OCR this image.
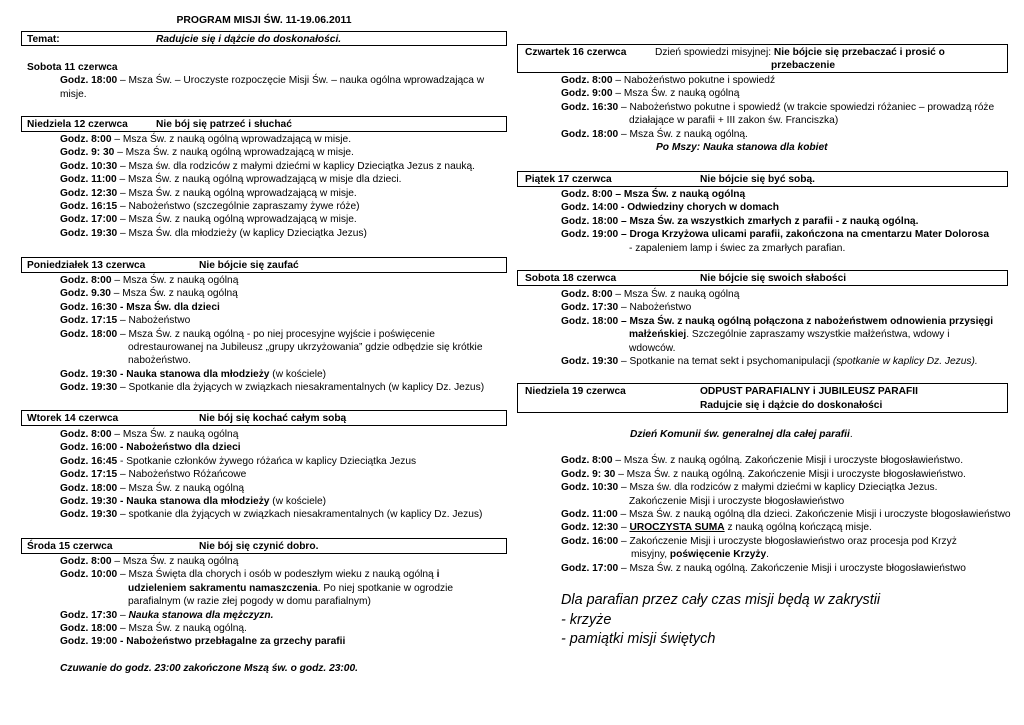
PROGRAM MISJI ŚW. 11-19.06.2011
Temat:	Radujcie się i dążcie do doskonałości.
Sobota 11 czerwca
Godz. 18:00 – Msza Św. – Uroczyste rozpoczęcie Misji Św. – nauka ogólna wprowadzająca w
misje.
Niedziela 12 czerwca	Nie bój się patrzeć i słuchać
Godz. 8:00 – Msza Św. z nauką ogólną wprowadzającą w misje.
Godz. 9: 30 – Msza Św. z nauką ogólną wprowadzającą w misje.
Godz. 10:30 – Msza św. dla rodziców z małymi dziećmi w kaplicy Dzieciątka Jezus z nauką.
Godz. 11:00 – Msza Św. z nauką ogólną wprowadzającą w misje dla dzieci.
Godz. 12:30 – Msza Św. z nauką ogólną wprowadzającą w misje.
Godz. 16:15 – Nabożeństwo (szczególnie zapraszamy żywe róże)
Godz. 17:00 – Msza Św. z nauką ogólną wprowadzającą w misje.
Godz. 19:30 – Msza Św. dla młodzieży (w kaplicy Dzieciątka Jezus)
Poniedziałek 13 czerwca	Nie bójcie się zaufać
Godz. 8:00 – Msza Św. z nauką ogólną
Godz. 9.30 – Msza Św. z nauką ogólną
Godz. 16:30 - Msza Św. dla dzieci
Godz. 17:15 – Nabożeństwo
Godz. 18:00 – Msza Św. z nauką ogólną - po niej procesyjne wyjście i poświęcenie
odrestaurowanej na Jubileusz „grupy ukrzyżowania” gdzie odbędzie się krótkie
nabożeństwo.
Godz. 19:30 - Nauka stanowa dla młodzieży (w kościele)
Godz. 19:30 – Spotkanie dla żyjących w związkach niesakramentalnych (w kaplicy Dz. Jezus)
Wtorek 14 czerwca	Nie bój się kochać całym sobą
Godz. 8:00 – Msza Św. z nauką ogólną
Godz. 16:00 - Nabożeństwo dla dzieci
Godz. 16:45 - Spotkanie członków żywego różańca w kaplicy Dzieciątka Jezus
Godz. 17:15 – Nabożeństwo Różańcowe
Godz. 18:00 – Msza Św. z nauką ogólną
Godz. 19:30 - Nauka stanowa dla młodzieży (w kościele)
Godz. 19:30 – spotkanie dla żyjących w związkach niesakramentalnych (w kaplicy Dz. Jezus)
Środa 15 czerwca	Nie bój się czynić dobro.
Godz. 8:00 – Msza Św. z nauką ogólną
Godz. 10:00 – Msza Święta dla chorych i osób w podeszłym wieku z nauką ogólną i
udzieleniem sakramentu namaszczenia. Po niej spotkanie w ogrodzie
parafialnym (w razie złej pogody w domu parafialnym)
Godz. 17:30 – Nauka stanowa dla mężczyzn.
Godz. 18:00 – Msza Św. z nauką ogólną.
Godz. 19:00 - Nabożeństwo przebłagalne za grzechy parafii
Czuwanie do godz. 23:00 zakończone Mszą św. o godz. 23:00.
Czwartek 16 czerwca	Dzień spowiedzi misyjnej: Nie bójcie się przebaczać i prosić o
przebaczenie
Godz. 8:00 – Nabożeństwo pokutne i spowiedź
Godz. 9:00 – Msza Św. z nauką ogólną
Godz. 16:30 – Nabożeństwo pokutne i spowiedź (w trakcie spowiedzi różaniec – prowadzą róże
działające w parafii + III zakon św. Franciszka)
Godz. 18:00 – Msza Św. z nauką ogólną.
Po Mszy: Nauka stanowa dla kobiet
Piątek 17 czerwca	Nie bójcie się być sobą.
Godz. 8:00 – Msza Św. z nauką ogólną
Godz. 14:00 - Odwiedziny chorych w domach
Godz. 18:00 – Msza Św. za wszystkich zmarłych z parafii - z nauką ogólną.
Godz. 19:00 – Droga Krzyżowa ulicami parafii, zakończona na cmentarzu Mater Dolorosa
- zapaleniem lamp i świec za zmarłych parafian.
Sobota 18 czerwca	Nie bójcie się swoich słabości
Godz. 8:00 – Msza Św. z nauką ogólną
Godz. 17:30 – Nabożeństwo
Godz. 18:00 – Msza Św. z nauką ogólną połączona z nabożeństwem odnowienia przysięgi
małżeńskiej. Szczególnie zapraszamy wszystkie małżeństwa, wdowy i
wdowców.
Godz. 19:30 – Spotkanie na temat sekt i psychomanipulacji (spotkanie w kaplicy Dz. Jezus).
Niedziela 19 czerwca	ODPUST PARAFIALNY i JUBILEUSZ PARAFII
Radujcie się i dążcie do doskonałości
Dzień Komunii św. generalnej dla całej parafii.
Godz. 8:00 – Msza Św. z nauką ogólną. Zakończenie Misji i uroczyste błogosławieństwo.
Godz. 9: 30 – Msza Św. z nauką ogólną. Zakończenie Misji i uroczyste błogosławieństwo.
Godz. 10:30 – Msza św. dla rodziców z małymi dziećmi w kaplicy Dzieciątka Jezus.
Zakończenie Misji i uroczyste błogosławieństwo
Godz. 11:00 – Msza Św. z nauką ogólną dla dzieci. Zakończenie Misji i uroczyste błogosławieństwo
Godz. 12:30 – UROCZYSTA SUMA z nauką ogólną kończącą misje.
Godz. 16:00 – Zakończenie Misji i uroczyste błogosławieństwo oraz procesja pod Krzyż
misyjny, poświęcenie Krzyży.
Godz. 17:00 – Msza Św. z nauką ogólną. Zakończenie Misji i uroczyste błogosławieństwo
Dla parafian przez cały czas misji będą w zakrystii
- krzyże
- pamiątki misji świętych
